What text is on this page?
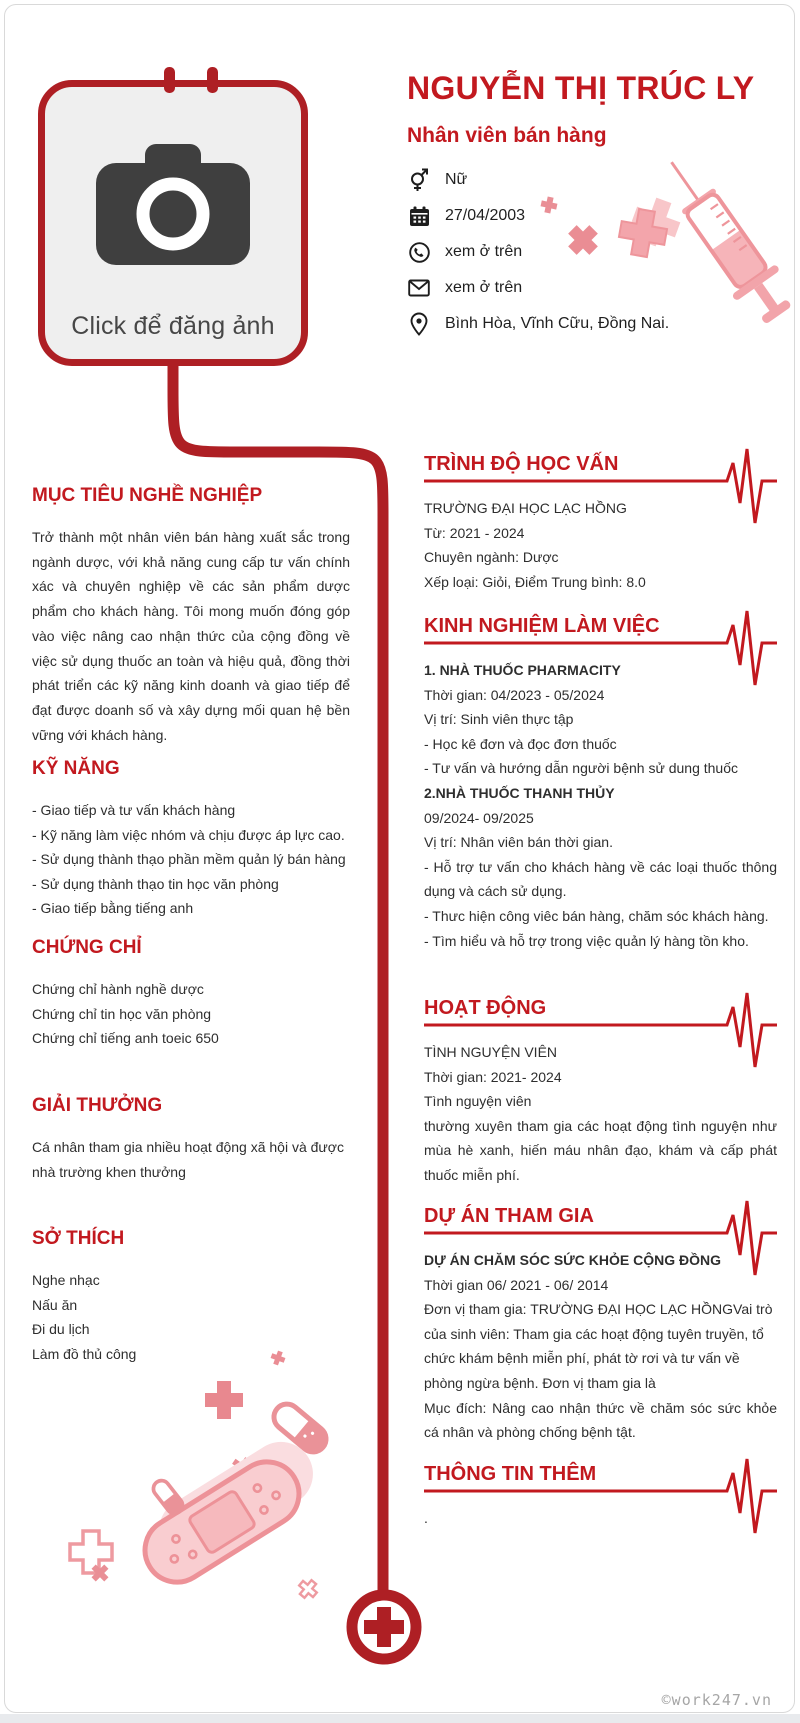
Click để đăng ảnh
NGUYỄN THỊ TRÚC LY
Nhân viên bán hàng
Nữ
27/04/2003
xem ở trên
xem ở trên
Bình Hòa, Vĩnh Cữu, Đồng Nai.
MỤC TIÊU NGHỀ NGHIỆP

Trở thành một nhân viên bán hàng xuất sắc trong ngành dược, với khả năng cung cấp tư vấn chính xác và chuyên nghiệp về các sản phẩm dược phẩm cho khách hàng. Tôi mong muốn đóng góp vào việc nâng cao nhận thức của cộng đồng về việc sử dụng thuốc an toàn và hiệu quả, đồng thời phát triển các kỹ năng kinh doanh và giao tiếp để đạt được doanh số và xây dựng mối quan hệ bền vững với khách hàng.

KỸ NĂNG
- Giao tiếp và tư vấn khách hàng
- Kỹ năng làm việc nhóm và chịu được áp lực cao.
- Sử dụng thành thạo phần mềm quản lý bán hàng
- Sử dụng thành thạo tin học văn phòng
- Giao tiếp bằng tiếng anh
CHỨNG CHỈ
Chứng chỉ hành nghề dược
Chứng chỉ tin học văn phòng
Chứng chỉ tiếng anh toeic 650
GIẢI THƯỞNG

Cá nhân tham gia nhiều hoạt động xã hội và được nhà trường khen thưởng

SỞ THÍCH
Nghe nhạc
Nấu ăn
Đi du lịch
Làm đồ thủ công
TRÌNH ĐỘ HỌC VẤN
TRƯỜNG ĐẠI HỌC LẠC HỒNG
Từ: 2021 - 2024
Chuyên ngành: Dược
Xếp loại: Giỏi, Điểm Trung bình: 8.0
KINH NGHIỆM LÀM VIỆC
1. NHÀ THUỐC PHARMACITY
Thời gian: 04/2023 - 05/2024
Vị trí: Sinh viên thực tập
- Học kê đơn và đọc đơn thuốc
- Tư vấn và hướng dẫn người bệnh sử dung thuốc
2.NHÀ THUỐC THANH THỦY
09/2024- 09/2025
Vị trí: Nhân viên bán thời gian.
- Hỗ trợ tư vấn cho khách hàng về các loại thuốc thông dụng và cách sử dụng.
- Thưc hiện công viêc bán hàng, chăm sóc khách hàng.
- Tìm hiểu và hỗ trợ trong việc quản lý hàng tồn kho.
HOẠT ĐỘNG
TÌNH NGUYỆN VIÊN
Thời gian: 2021- 2024
Tình nguyện viên

thường xuyên tham gia các hoạt động tình nguyện như mùa hè xanh, hiến máu nhân đạo, khám và cấp phát thuốc miễn phí.

DỰ ÁN THAM GIA
DỰ ÁN CHĂM SÓC SỨC KHỎE CỘNG ĐỒNG
Thời gian 06/ 2021 - 06/ 2014
Đơn vị tham gia: TRƯỜNG ĐẠI HỌC LẠC HỒNGVai trò của sinh viên: Tham gia các hoạt động tuyên truyền, tổ chức khám bệnh miễn phí, phát tờ rơi và tư vấn về phòng ngừa bệnh. Đơn vị tham gia là
Mục đích: Nâng cao nhận thức về chăm sóc sức khỏe cá nhân và phòng chống bệnh tật.
THÔNG TIN THÊM
.
©work247.vn
